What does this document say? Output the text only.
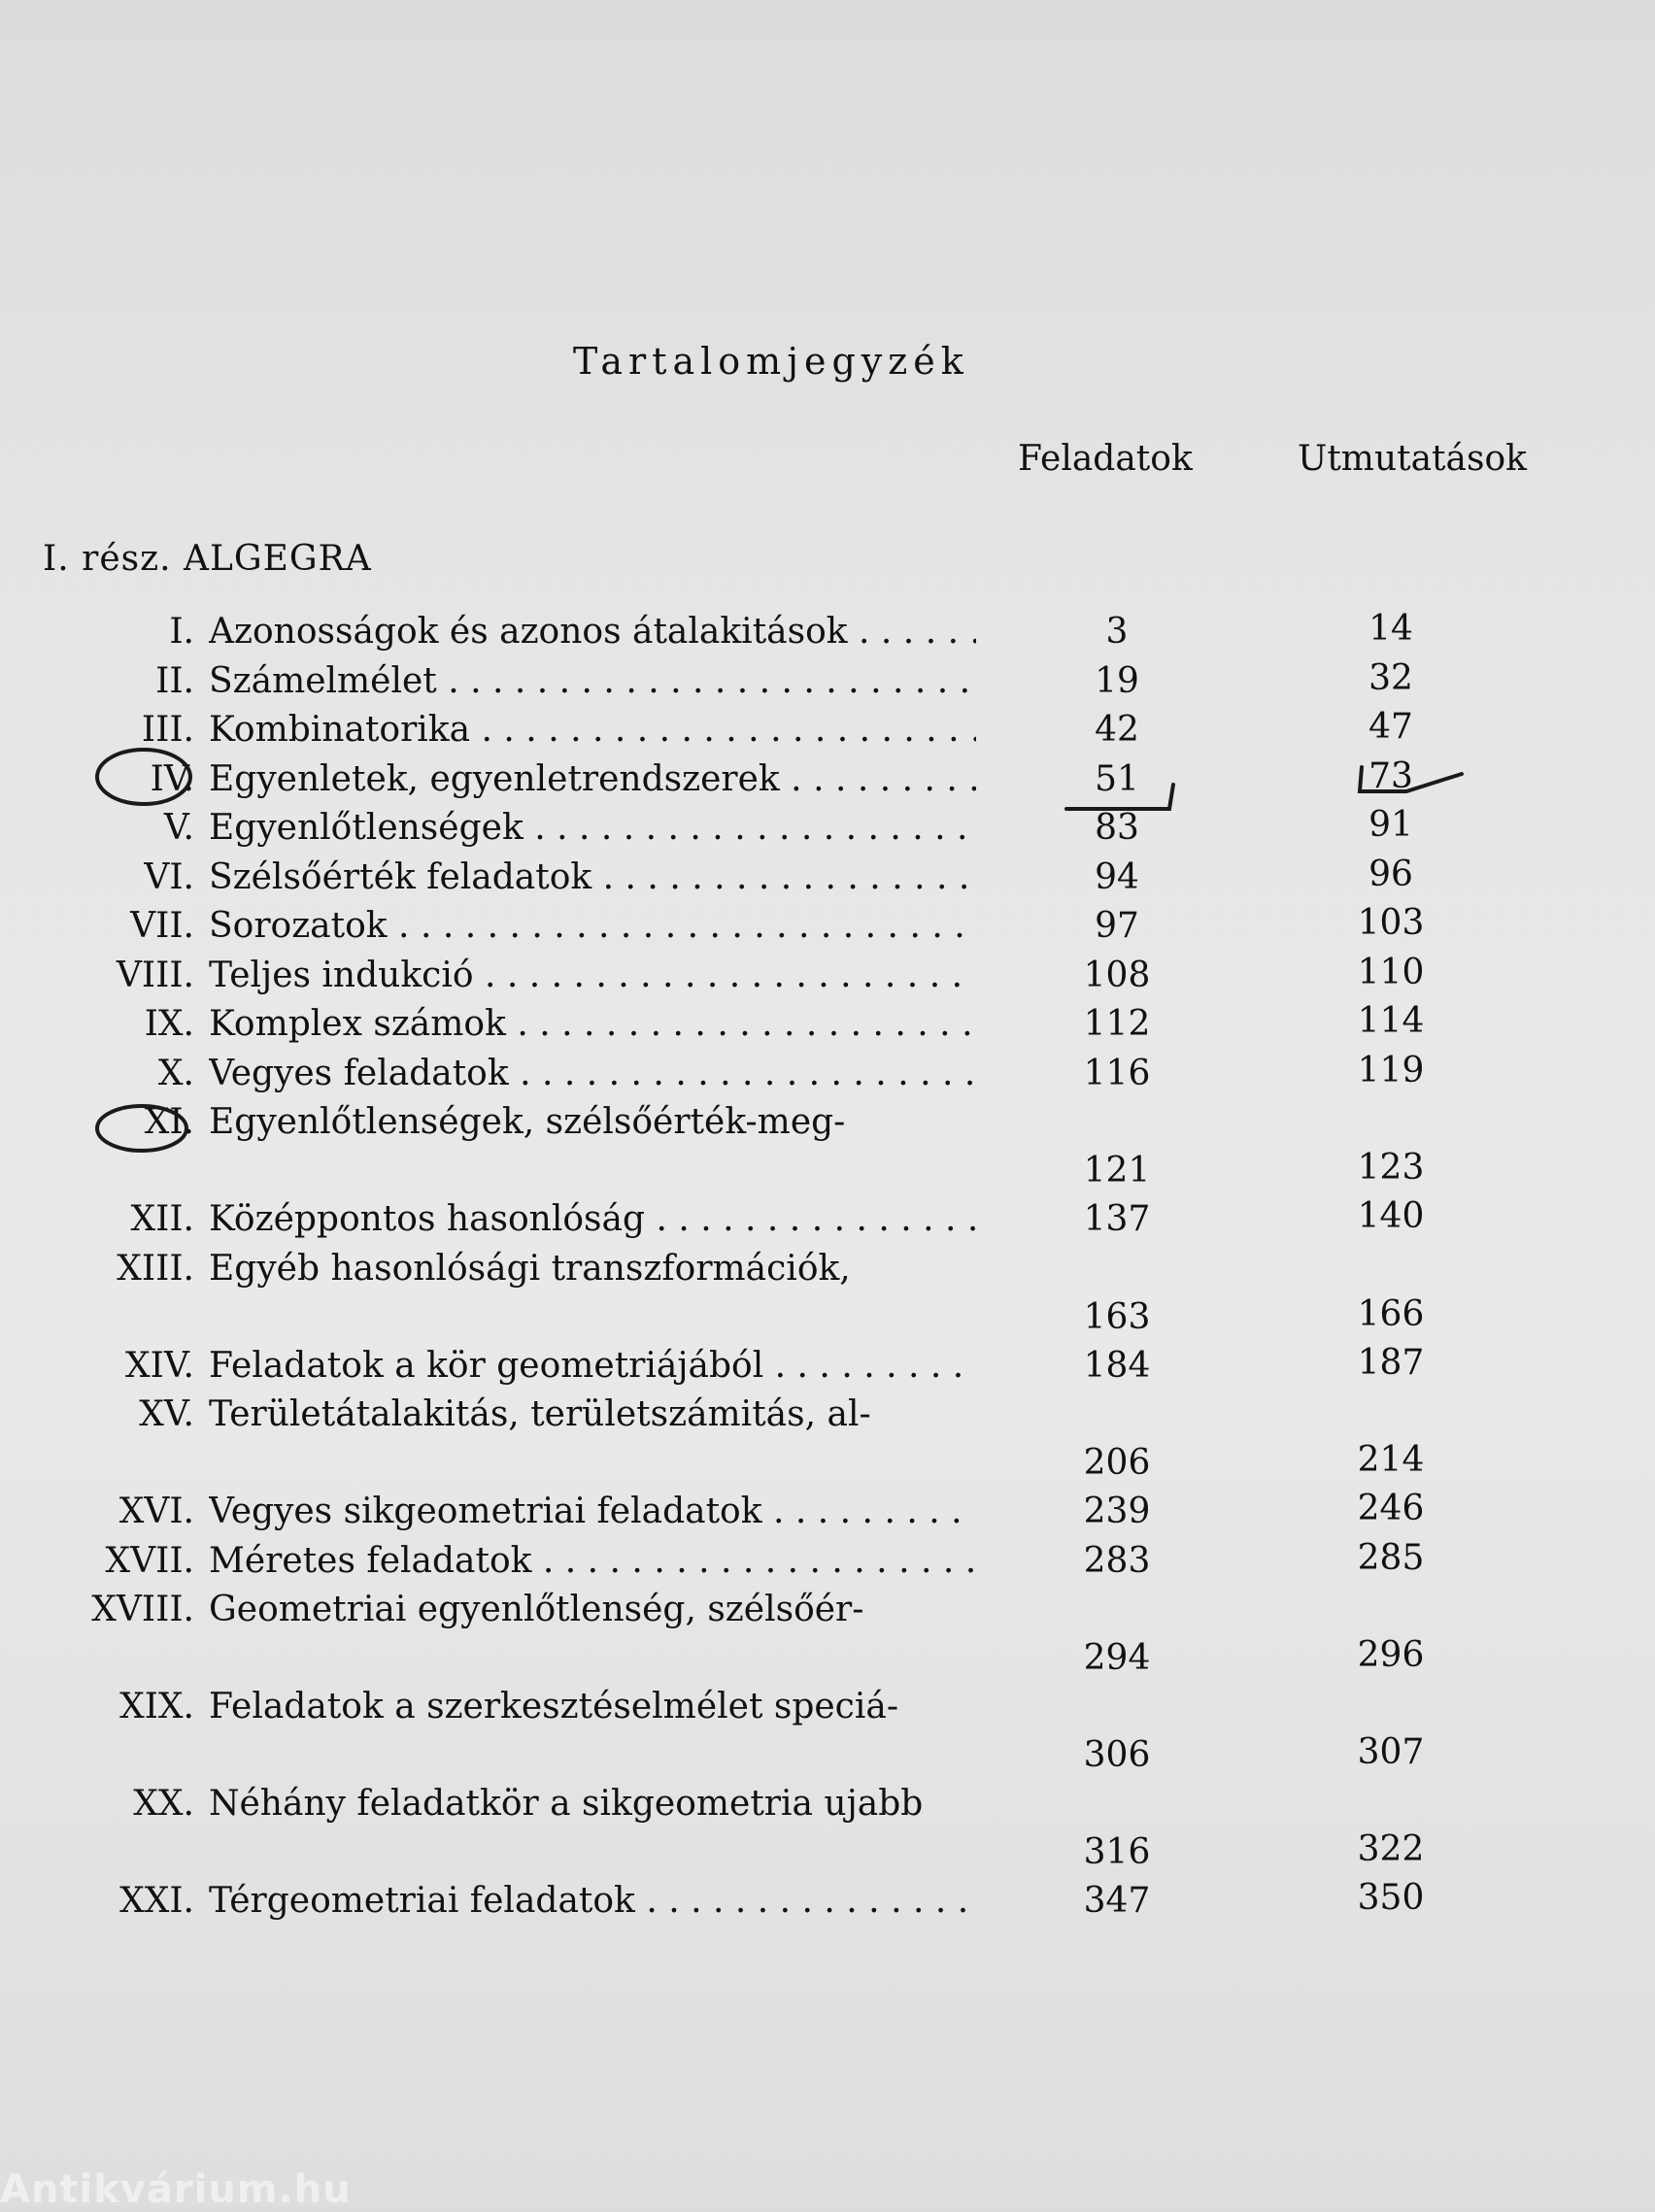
Tartalomjegyzék
Feladatok	Utmutatások
I. rész. ALGEGRA
I. Azonosságok és azonos átalakitások . . .	3	14
II. Számelmélet . . .	19	32
III. Kombinatorika . . .	42	47
IV. Egyenletek, egyenletrendszerek . . .	51	73
V. Egyenlőtlenségek . . .	83	91
VI. Szélsőérték feladatok . . .	94	96
VII. Sorozatok . . .	97	103
VIII. Teljes indukció . . .	108	110
IX. Komplex számok . . .	112	114
X. Vegyes feladatok . . .	116	119
XI. Egyenlőtlenségek, szélsőérték-meg-
121	123
XII. Középpontos hasonlóság . . .	137	140
XIII. Egyéb hasonlósági transzformációk,
163	166
XIV. Feladatok a kör geometriájából . . .	184	187
XV. Területátalakitás, területszámitás, al-
206	214
XVI. Vegyes sikgeometriai feladatok . . .	239	246
XVII. Méretes feladatok . . .	283	285
XVIII. Geometriai egyenlőtlenség, szélsőér-
294	296
XIX. Feladatok a szerkesztéselmélet speciá-
306	307
XX. Néhány feladatkör a sikgeometria ujabb
316	322
XXI. Térgeometriai feladatok . . .	347	350
Antikvárium.hu
